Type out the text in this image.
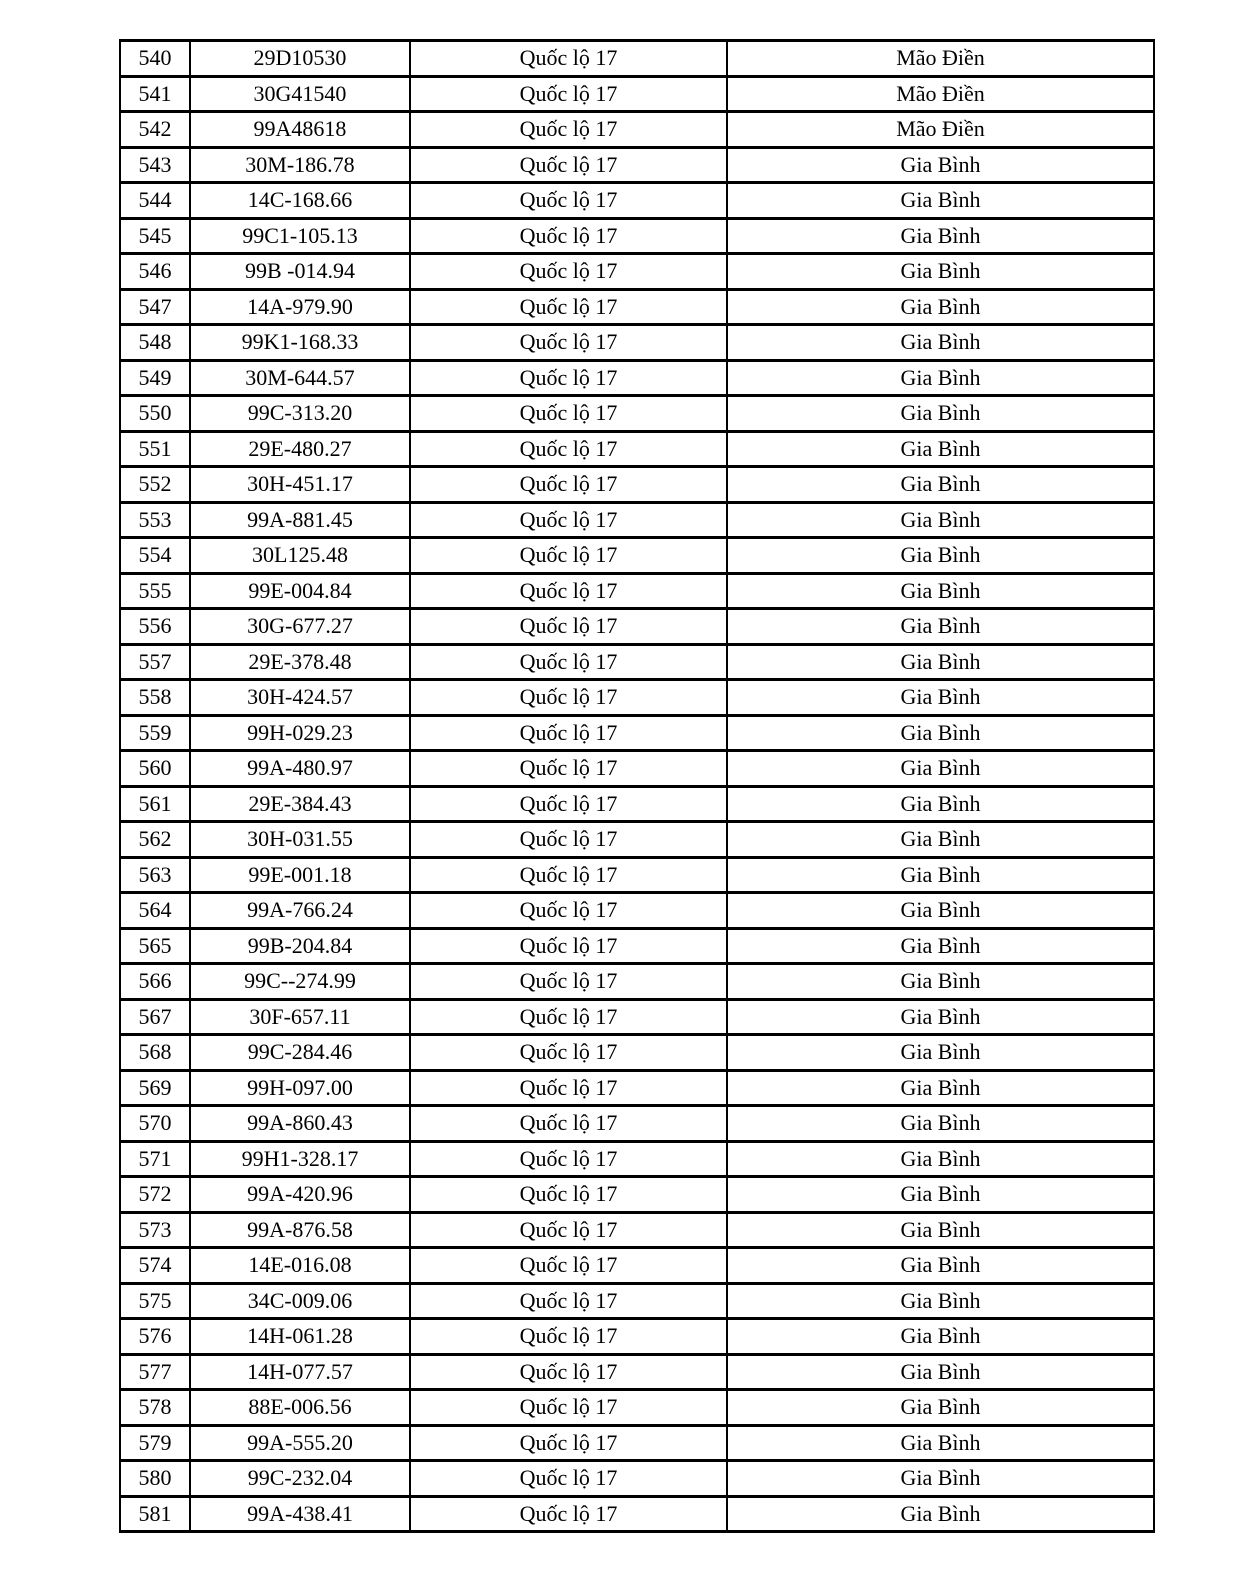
540	29D10530	Quốc lộ 17	Mão Điền
541	30G41540	Quốc lộ 17	Mão Điền
542	99A48618	Quốc lộ 17	Mão Điền
543	30M-186.78	Quốc lộ 17	Gia Bình
544	14C-168.66	Quốc lộ 17	Gia Bình
545	99C1-105.13	Quốc lộ 17	Gia Bình
546	99B -014.94	Quốc lộ 17	Gia Bình
547	14A-979.90	Quốc lộ 17	Gia Bình
548	99K1-168.33	Quốc lộ 17	Gia Bình
549	30M-644.57	Quốc lộ 17	Gia Bình
550	99C-313.20	Quốc lộ 17	Gia Bình
551	29E-480.27	Quốc lộ 17	Gia Bình
552	30H-451.17	Quốc lộ 17	Gia Bình
553	99A-881.45	Quốc lộ 17	Gia Bình
554	30L125.48	Quốc lộ 17	Gia Bình
555	99E-004.84	Quốc lộ 17	Gia Bình
556	30G-677.27	Quốc lộ 17	Gia Bình
557	29E-378.48	Quốc lộ 17	Gia Bình
558	30H-424.57	Quốc lộ 17	Gia Bình
559	99H-029.23	Quốc lộ 17	Gia Bình
560	99A-480.97	Quốc lộ 17	Gia Bình
561	29E-384.43	Quốc lộ 17	Gia Bình
562	30H-031.55	Quốc lộ 17	Gia Bình
563	99E-001.18	Quốc lộ 17	Gia Bình
564	99A-766.24	Quốc lộ 17	Gia Bình
565	99B-204.84	Quốc lộ 17	Gia Bình
566	99C--274.99	Quốc lộ 17	Gia Bình
567	30F-657.11	Quốc lộ 17	Gia Bình
568	99C-284.46	Quốc lộ 17	Gia Bình
569	99H-097.00	Quốc lộ 17	Gia Bình
570	99A-860.43	Quốc lộ 17	Gia Bình
571	99H1-328.17	Quốc lộ 17	Gia Bình
572	99A-420.96	Quốc lộ 17	Gia Bình
573	99A-876.58	Quốc lộ 17	Gia Bình
574	14E-016.08	Quốc lộ 17	Gia Bình
575	34C-009.06	Quốc lộ 17	Gia Bình
576	14H-061.28	Quốc lộ 17	Gia Bình
577	14H-077.57	Quốc lộ 17	Gia Bình
578	88E-006.56	Quốc lộ 17	Gia Bình
579	99A-555.20	Quốc lộ 17	Gia Bình
580	99C-232.04	Quốc lộ 17	Gia Bình
581	99A-438.41	Quốc lộ 17	Gia Bình
